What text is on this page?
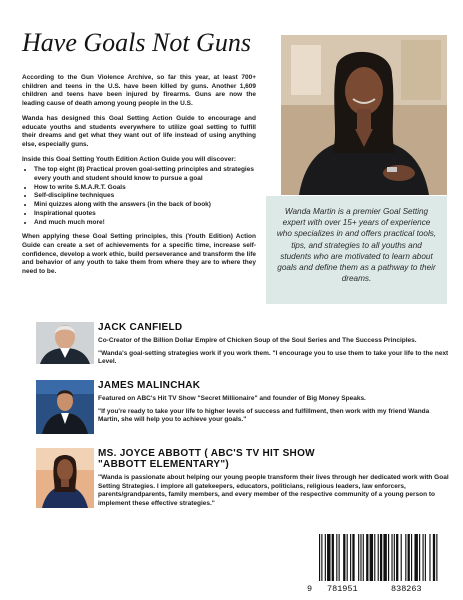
Have Goals Not Guns

According to the Gun Violence Archive, so far this year, at least 700+ children and teens in the U.S. have been killed by guns. Another 1,609 children and teens have been injured by firearms. Guns are now the leading cause of death among young people in the U.S.

Wanda has designed this Goal Setting Action Guide to encourage and educate youths and students everywhere to utilize goal setting to fulfill their dreams and get what they want out of life instead of using anything else, especially guns.

Inside this Goal Setting Youth Edition Action Guide you will discover:

• The top eight (8) Practical proven goal-setting principles and strategies every youth and student should know to pursue a goal
• How to write S.M.A.R.T. Goals
• Self-discipline techniques
• Mini quizzes along with the answers (in the back of book)
• Inspirational quotes
• And much much more!

When applying these Goal Setting principles, this (Youth Edition) Action Guide can create a set of achievements for a specific time, increase self-confidence, develop a work ethic, build perseverance and transform the life and behavior of any youth to take them from where they are to where they need to be.

Wanda Martin is a premier Goal Setting expert with over 15+ years of experience who specializes in and offers practical tools, tips, and strategies to all youths and students who are motivated to learn about goals and define them as a pathway to their dreams.

JACK CANFIELD

Co-Creator of the Billion Dollar Empire of Chicken Soup of the Soul Series and The Success Principles.

"Wanda's goal-setting strategies work if you work them. "I encourage you to use them to take your life to the next Level.

JAMES MALINCHAK

Featured on ABC's Hit TV Show "Secret Millionaire" and founder of Big Money Speaks.

"If you're ready to take your life to higher levels of success and fulfillment, then work with my friend Wanda Martin, she will help you to achieve your goals."

MS. JOYCE ABBOTT ( ABC'S TV HIT SHOW

"ABBOTT ELEMENTARY")

"Wanda is passionate about helping our young people transform their lives through her dedicated work with Goal Setting Strategies. I implore all gatekeepers, educators, politicians, religious leaders, law enforcers, parents/grandparents, family members, and every member of the respective community of a young person to implement these effective strategies."

9 781951	838263
